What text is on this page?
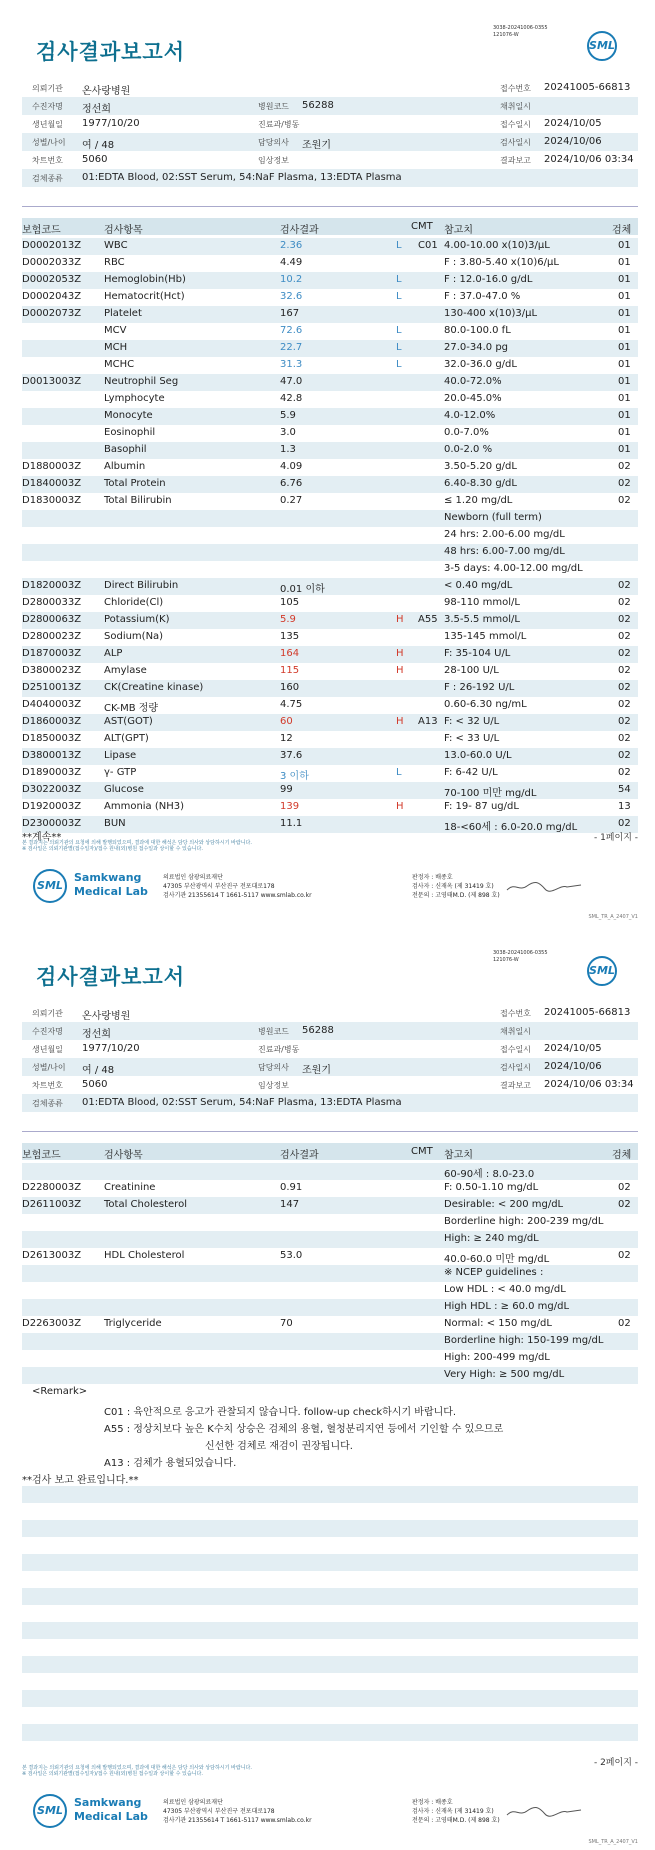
3038-20241006-0355
121076-W
검사결과보고서	SML
의뢰기관 온사랑병원	접수번호 20241005-66813
수진자명 정선희	병원코드 56288	채취일시
생년월일 1977/10/20	진료과/병동	접수일시 2024/10/05
성별/나이 여 / 48	담당의사 조원기	검사일시 2024/10/06
차트번호 5060	임상정보	결과보고 2024/10/06 03:34
검체종류 01:EDTA Blood, 02:SST Serum, 54:NaF Plasma, 13:EDTA Plasma
보험코드	검사항목	검사결과	CMT 참고치	검체
D0002013Z WBC	2.36	L C01 4.00-10.00 x(10)3/μL	01
D0002033Z RBC	4.49	F : 3.80-5.40 x(10)6/μL	01
D0002053Z Hemoglobin(Hb)	10.2	L	F : 12.0-16.0 g/dL	01
D0002043Z Hematocrit(Hct)	32.6	L	F : 37.0-47.0 %	01
D0002073Z Platelet	167	130-400 x(10)3/μL	01
MCV	72.6	L	80.0-100.0 fL	01
MCH	22.7	L	27.0-34.0 pg	01
MCHC	31.3	L	32.0-36.0 g/dL	01
D0013003Z Neutrophil Seg	47.0	40.0-72.0%	01
Lymphocyte	42.8	20.0-45.0%	01
Monocyte	5.9	4.0-12.0%	01
Eosinophil	3.0	0.0-7.0%	01
Basophil	1.3	0.0-2.0 %	01
D1880003Z Albumin	4.09	3.50-5.20 g/dL	02
D1840003Z Total Protein	6.76	6.40-8.30 g/dL	02
D1830003Z Total Bilirubin	0.27	≤ 1.20 mg/dL	02
Newborn (full term)
24 hrs: 2.00-6.00 mg/dL
48 hrs: 6.00-7.00 mg/dL
3-5 days: 4.00-12.00 mg/dL
D1820003Z Direct Bilirubin	0.01 이하	< 0.40 mg/dL	02
D2800033Z Chloride(Cl)	105	98-110 mmol/L	02
D2800063Z Potassium(K)	5.9	H A55 3.5-5.5 mmol/L	02
D2800023Z Sodium(Na)	135	135-145 mmol/L	02
D1870003Z ALP	164	H	F: 35-104 U/L	02
D3800023Z Amylase	115	H	28-100 U/L	02
D2510013Z CK(Creatine kinase)	160	F : 26-192 U/L	02
D4040003Z CK-MB 정량	4.75	0.60-6.30 ng/mL	02
D1860003Z AST(GOT)	60	H A13 F: < 32 U/L	02
D1850003Z ALT(GPT)	12	F: < 33 U/L	02
D3800013Z Lipase	37.6	13.0-60.0 U/L	02
D1890003Z γ- GTP	3 이하	L	F: 6-42 U/L	02
D3022003Z Glucose	99	70-100 미만 mg/dL	54
D1920003Z Ammonia (NH3)	139	H	F: 19- 87 ug/dL	13
D2300003Z BUN	11.1	18-<60세 : 6.0-20.0 mg/dL	02
**계속**	- 1페이지 -
본 결과지는 의뢰기관의 요청에 의해 발행되었으며, 결과에 대한 해석은 담당 의사와 상담하시기 바랍니다.
※ 검사일은 의뢰기관별(접수일자)/접수 원내(외)병원 접수일과 상이할 수 있습니다.
SML
Samkwang
Medical Lab
의료법인 삼광의료재단
47305 부산광역시 부산진구 전포대로178
검사기관 21355614 T 1661-5117 www.smlab.co.kr
판정자 : 배종호
검사자 : 신재옥 (제 31419 호)
전문의 : 고영태M.D. (제 898 호)
SML_TR_A_2407_V1
3038-20241006-0355
121076-W
검사결과보고서	SML
의뢰기관 온사랑병원	접수번호 20241005-66813
수진자명 정선희	병원코드 56288	채취일시
생년월일 1977/10/20	진료과/병동	접수일시 2024/10/05
성별/나이 여 / 48	담당의사 조원기	검사일시 2024/10/06
차트번호 5060	임상정보	결과보고 2024/10/06 03:34
검체종류 01:EDTA Blood, 02:SST Serum, 54:NaF Plasma, 13:EDTA Plasma
보험코드	검사항목	검사결과	CMT 참고치	검체
60-90세 : 8.0-23.0
D2280003Z Creatinine	0.91	F: 0.50-1.10 mg/dL	02
D2611003Z Total Cholesterol	147	Desirable: < 200 mg/dL	02
Borderline high: 200-239 mg/dL
High: ≥ 240 mg/dL
D2613003Z HDL Cholesterol	53.0	40.0-60.0 미만 mg/dL	02
※ NCEP guidelines :
Low HDL : < 40.0 mg/dL
High HDL : ≥ 60.0 mg/dL
D2263003Z Triglyceride	70	Normal: < 150 mg/dL	02
Borderline high: 150-199 mg/dL
High: 200-499 mg/dL
Very High: ≥ 500 mg/dL
<Remark>
C01 : 육안적으로 응고가 관찰되지 않습니다. follow-up check하시기 바랍니다.
A55 : 정상치보다 높은 K수치 상승은 검체의 용혈, 혈청분리지연 등에서 기인할 수 있으므로
신선한 검체로 재검이 권장됩니다.
A13 : 검체가 용혈되었습니다.
**검사 보고 완료입니다.**
- 2페이지 -
본 결과지는 의뢰기관의 요청에 의해 발행되었으며, 결과에 대한 해석은 담당 의사와 상담하시기 바랍니다.
※ 검사일은 의뢰기관별(접수일자)/접수 원내(외)병원 접수일과 상이할 수 있습니다.
SML
Samkwang
Medical Lab
의료법인 삼광의료재단
47305 부산광역시 부산진구 전포대로178
검사기관 21355614 T 1661-5117 www.smlab.co.kr
판정자 : 배종호
검사자 : 신재옥 (제 31419 호)
전문의 : 고영태M.D. (제 898 호)
SML_TR_A_2407_V1
